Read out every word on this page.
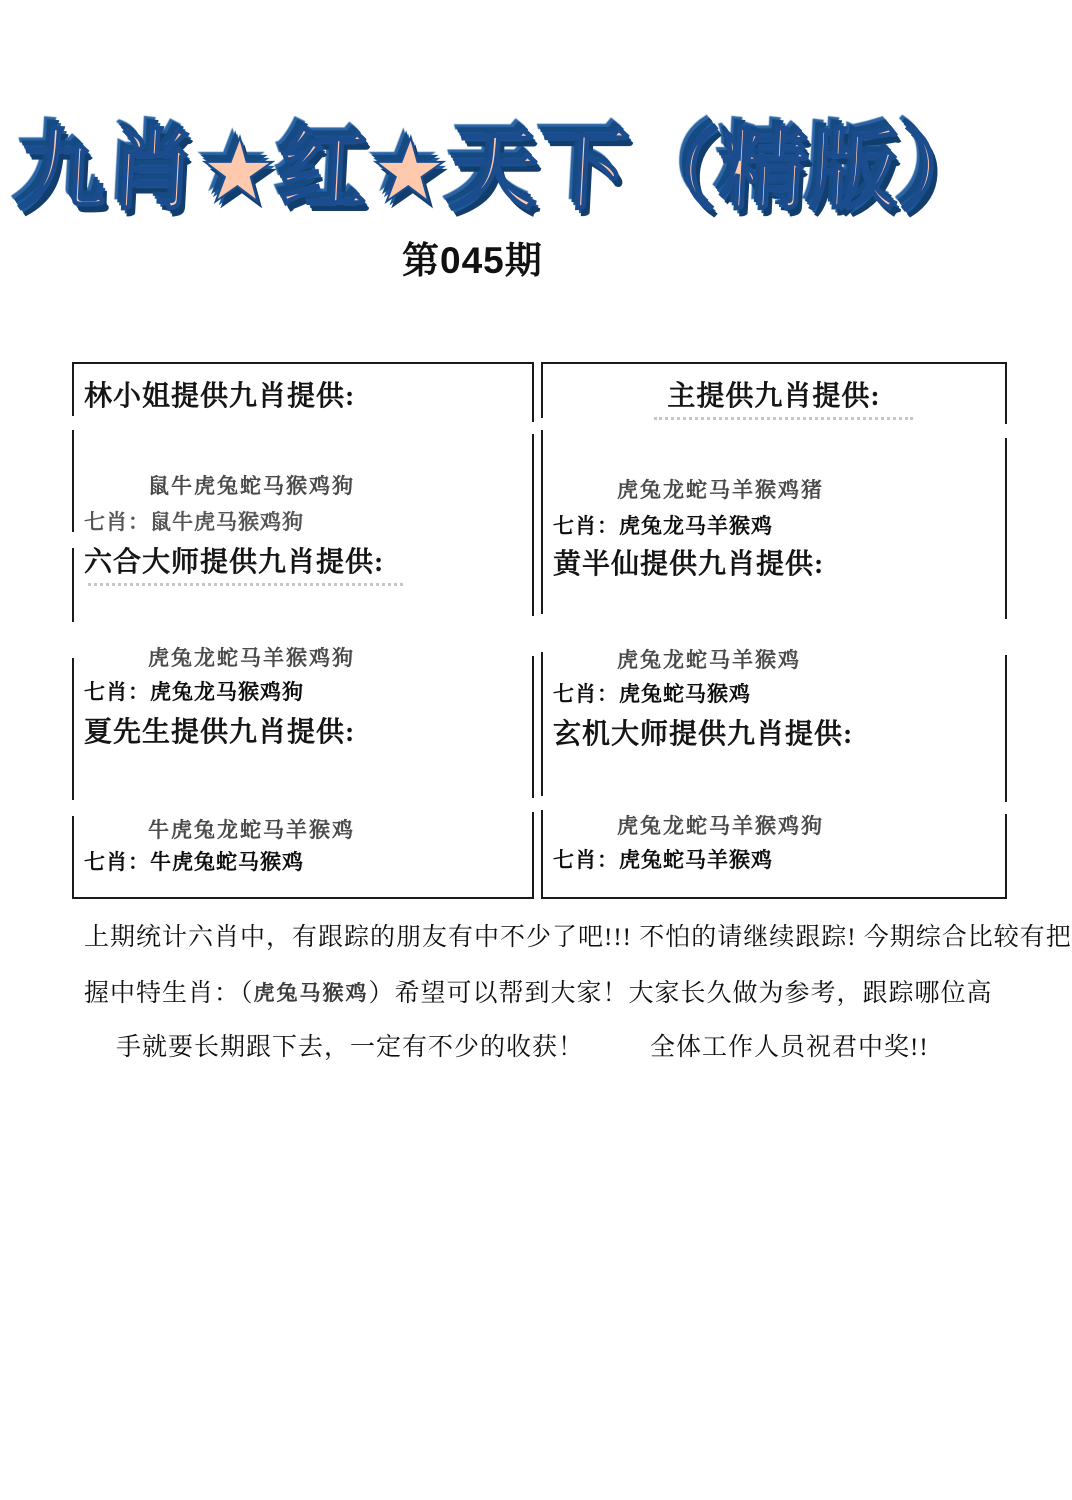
九肖★红★天下（精版）
第045期
林小姐提供九肖提供:
鼠牛虎兔蛇马猴鸡狗
七肖：鼠牛虎马猴鸡狗
六合大师提供九肖提供:
虎兔龙蛇马羊猴鸡狗
七肖：虎兔龙马猴鸡狗
夏先生提供九肖提供:
牛虎兔龙蛇马羊猴鸡
七肖：牛虎兔蛇马猴鸡
主提供九肖提供:
虎兔龙蛇马羊猴鸡猪
七肖：虎兔龙马羊猴鸡
黄半仙提供九肖提供:
虎兔龙蛇马羊猴鸡
七肖：虎兔蛇马猴鸡
玄机大师提供九肖提供:
虎兔龙蛇马羊猴鸡狗
七肖：虎兔蛇马羊猴鸡
上期统计六肖中，有跟踪的朋友有中不少了吧!!! 不怕的请继续跟踪! 今期综合比较有把
握中特生肖：（虎兔马猴鸡）希望可以帮到大家！大家长久做为参考，跟踪哪位高
手就要长期跟下去，一定有不少的收获！	全体工作人员祝君中奖!!
